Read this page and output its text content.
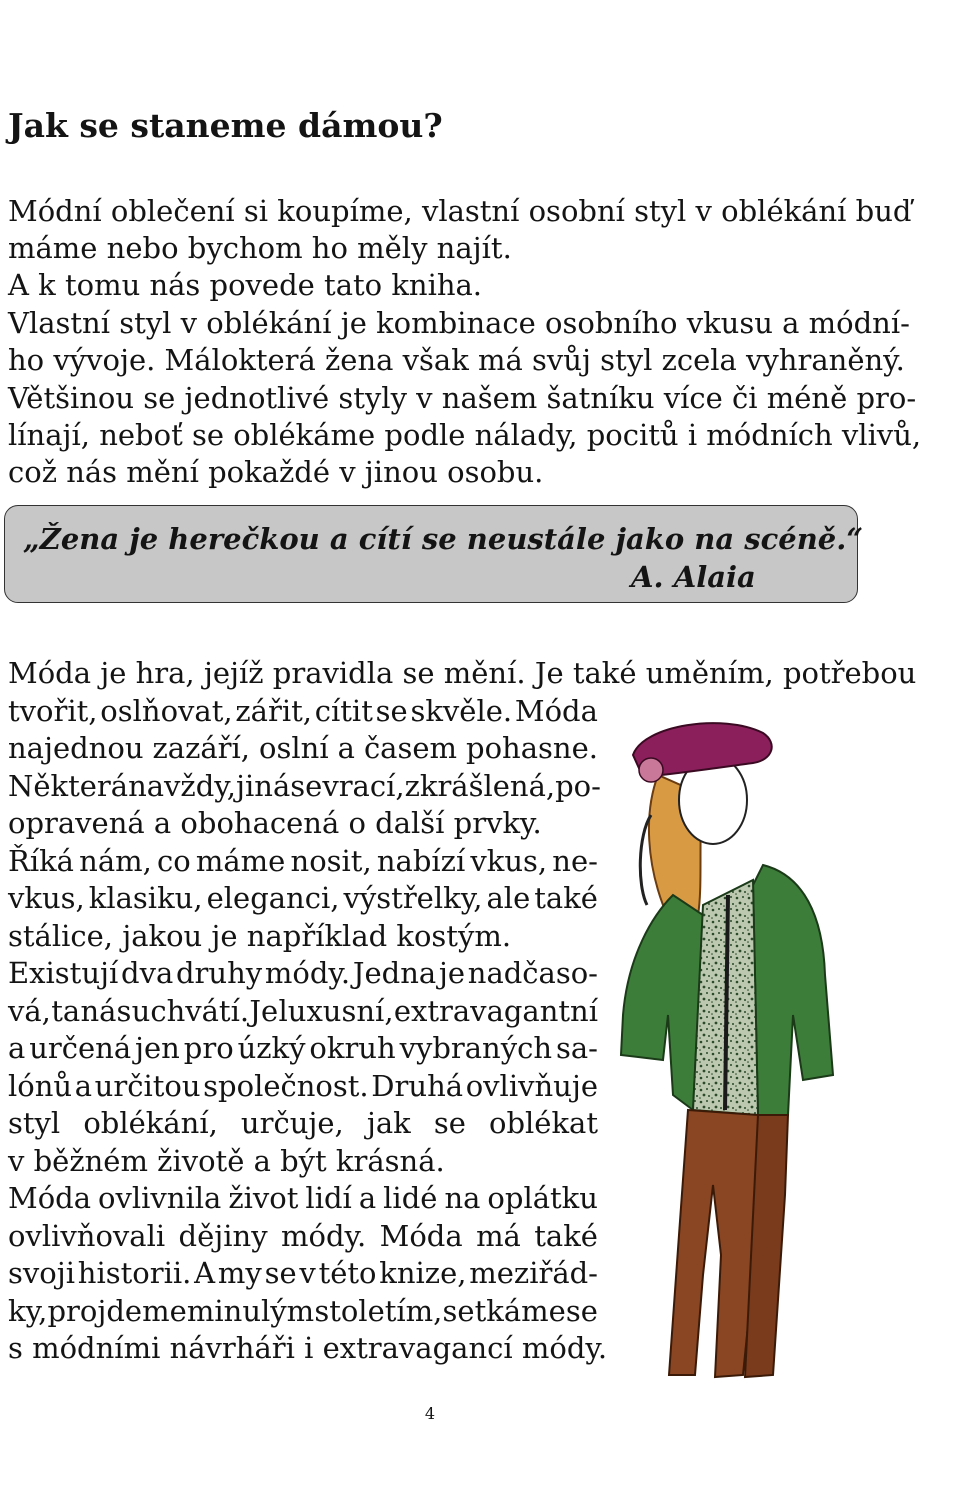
Jak se staneme dámou?
Módní oblečení si koupíme, vlastní osobní styl v oblékání buď
máme nebo bychom ho měly najít.
A k tomu nás povede tato kniha.
Vlastní styl v oblékání je kombinace osobního vkusu a módní-
ho vývoje. Málokterá žena však má svůj styl zcela vyhraněný.
Většinou se jednotlivé styly v našem šatníku více či méně pro-
línají, neboť se oblékáme podle nálady, pocitů i módních vlivů,
což nás mění pokaždé v jinou osobu.
„Žena je herečkou a cítí se neustále jako na scéně.“
A. Alaia
Móda je hra, jejíž pravidla se mění. Je také uměním, potřebou
tvořit, oslňovat, zářit, cítit se skvěle. Móda
najednou zazáří, oslní a časem pohasne.
Některá navždy, jiná se vrací, zkrášlená, po-
opravená a obohacená o další prvky.
Říká nám, co máme nosit, nabízí vkus, ne-
vkus, klasiku, eleganci, výstřelky, ale také
stálice, jakou je například kostým.
Existují dva druhy módy. Jedna je nadčaso-
vá, ta nás uchvátí. Je luxusní, extravagantní
a určená jen pro úzký okruh vybraných sa-
lónů a určitou společnost. Druhá ovlivňuje
styl oblékání, určuje, jak se oblékat
v běžném životě a být krásná.
Móda ovlivnila život lidí a lidé na oplátku
ovlivňovali dějiny módy. Móda má také
svoji historii. A my se v této knize, meziřád-
ky, projdeme minulým stoletím, setkáme se
s módními návrháři i extravagancí módy.
4
